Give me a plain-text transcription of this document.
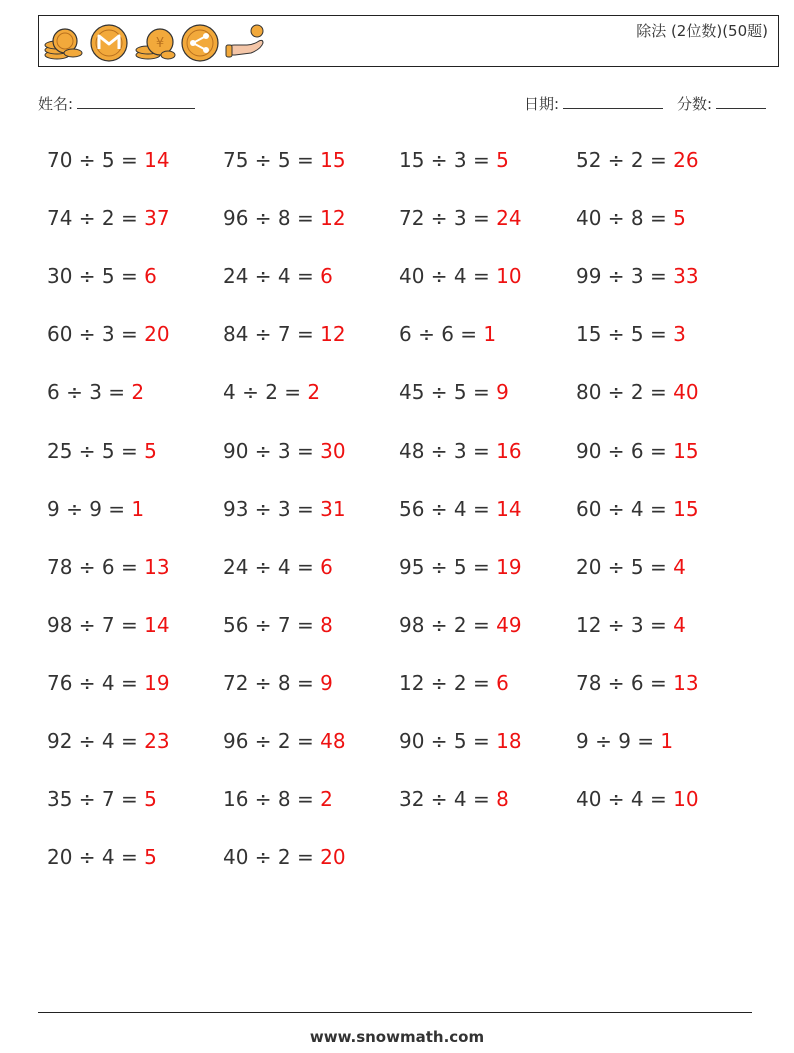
¥
除法 (2位数)(50题)
姓名:	日期:	分数:
70 ÷ 5 = 14	75 ÷ 5 = 15	15 ÷ 3 = 5	52 ÷ 2 = 26
74 ÷ 2 = 37	96 ÷ 8 = 12	72 ÷ 3 = 24	40 ÷ 8 = 5
30 ÷ 5 = 6	24 ÷ 4 = 6	40 ÷ 4 = 10	99 ÷ 3 = 33
60 ÷ 3 = 20	84 ÷ 7 = 12	6 ÷ 6 = 1	15 ÷ 5 = 3
6 ÷ 3 = 2	4 ÷ 2 = 2	45 ÷ 5 = 9	80 ÷ 2 = 40
25 ÷ 5 = 5	90 ÷ 3 = 30	48 ÷ 3 = 16	90 ÷ 6 = 15
9 ÷ 9 = 1	93 ÷ 3 = 31	56 ÷ 4 = 14	60 ÷ 4 = 15
78 ÷ 6 = 13	24 ÷ 4 = 6	95 ÷ 5 = 19	20 ÷ 5 = 4
98 ÷ 7 = 14	56 ÷ 7 = 8	98 ÷ 2 = 49	12 ÷ 3 = 4
76 ÷ 4 = 19	72 ÷ 8 = 9	12 ÷ 2 = 6	78 ÷ 6 = 13
92 ÷ 4 = 23	96 ÷ 2 = 48	90 ÷ 5 = 18	9 ÷ 9 = 1
35 ÷ 7 = 5	16 ÷ 8 = 2	32 ÷ 4 = 8	40 ÷ 4 = 10
20 ÷ 4 = 5	40 ÷ 2 = 20
www.snowmath.com
